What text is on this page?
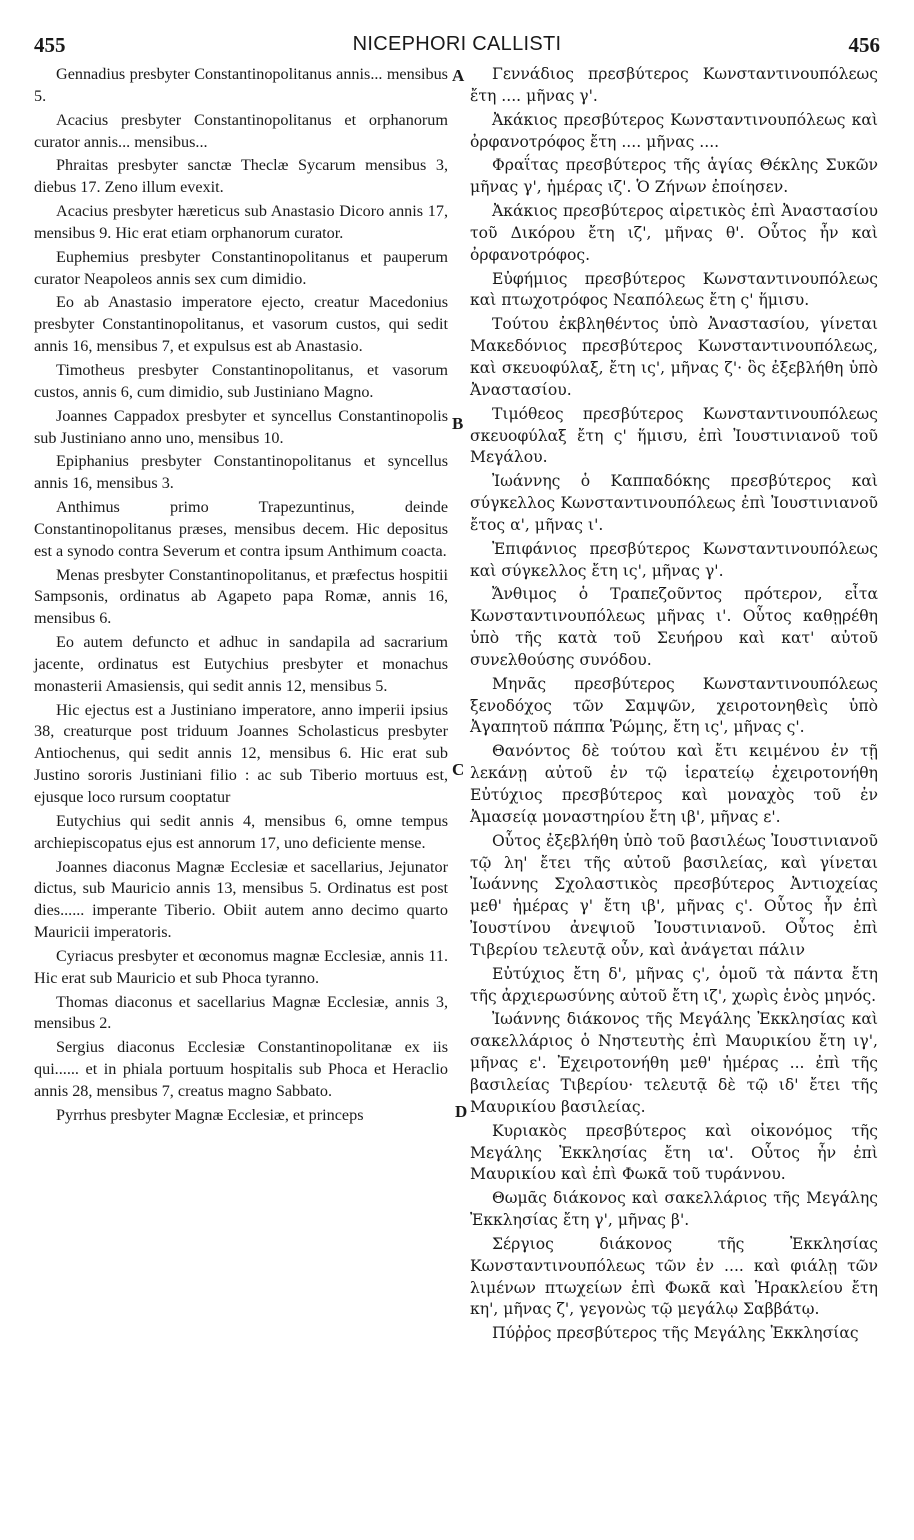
455	NICEPHORI CALLISTI	456

Gennadius presbyter Constantinopolitanus annis... mensibus 5.

Acacius presbyter Constantinopolitanus et orphanorum curator annis... mensibus...

Phraitas presbyter sanctæ Theclæ Sycarum mensibus 3, diebus 17. Zeno illum evexit.

Acacius presbyter hæreticus sub Anastasio Dicoro annis 17, mensibus 9. Hic erat etiam orphanorum curator.

Euphemius presbyter Constantinopolitanus et pauperum curator Neapoleos annis sex cum dimidio.

Eo ab Anastasio imperatore ejecto, creatur Macedonius presbyter Constantinopolitanus, et vasorum custos, qui sedit annis 16, mensibus 7, et expulsus est ab Anastasio.

Timotheus presbyter Constantinopolitanus, et vasorum custos, annis 6, cum dimidio, sub Justiniano Magno.

Joannes Cappadox presbyter et syncellus Constantinopolis sub Justiniano anno uno, mensibus 10.

Epiphanius presbyter Constantinopolitanus et syncellus annis 16, mensibus 3.

Anthimus primo Trapezuntinus, deinde Constantinopolitanus præses, mensibus decem. Hic depositus est a synodo contra Severum et contra ipsum Anthimum coacta.

Menas presbyter Constantinopolitanus, et præfectus hospitii Sampsonis, ordinatus ab Agapeto papa Romæ, annis 16, mensibus 6.

Eo autem defuncto et adhuc in sandapila ad sacrarium jacente, ordinatus est Eutychius presbyter et monachus monasterii Amasiensis, qui sedit annis 12, mensibus 5.

Hic ejectus est a Justiniano imperatore, anno imperii ipsius 38, creaturque post triduum Joannes Scholasticus presbyter Antiochenus, qui sedit annis 12, mensibus 6. Hic erat sub Justino sororis Justiniani filio : ac sub Tiberio mortuus est, ejusque loco rursum cooptatur

Eutychius qui sedit annis 4, mensibus 6, omne tempus archiepiscopatus ejus est annorum 17, uno deficiente mense.

Joannes diaconus Magnæ Ecclesiæ et sacellarius, Jejunator dictus, sub Mauricio annis 13, mensibus 5. Ordinatus est post dies...... imperante Tiberio. Obiit autem anno decimo quarto Mauricii imperatoris.

Cyriacus presbyter et œconomus magnæ Ecclesiæ, annis 11. Hic erat sub Mauricio et sub Phoca tyranno.

Thomas diaconus et sacellarius Magnæ Ecclesiæ, annis 3, mensibus 2.

Sergius diaconus Ecclesiæ Constantinopolitanæ ex iis qui...... et in phiala portuum hospitalis sub Phoca et Heraclio annis 28, mensibus 7, creatus magno Sabbato.

Pyrrhus presbyter Magnæ Ecclesiæ, et princeps

A
B
C
D

Γεννάδιος πρεσβύτερος Κωνσταντινουπόλεως ἔτη .... μῆνας γ'.

Ἀκάκιος πρεσβύτερος Κωνσταντινουπόλεως καὶ ὀρφανοτρόφος ἔτη .... μῆνας ....

Φραΐτας πρεσβύτερος τῆς ἁγίας Θέκλης Συκῶν μῆνας γ', ἡμέρας ιζ'. Ὁ Ζήνων ἐποίησεν.

Ἀκάκιος πρεσβύτερος αἱρετικὸς ἐπὶ Ἀναστασίου τοῦ Δικόρου ἔτη ιζ', μῆνας θ'. Οὗτος ἦν καὶ ὀρφανοτρόφος.

Εὐφήμιος πρεσβύτερος Κωνσταντινουπόλεως καὶ πτωχοτρόφος Νεαπόλεως ἔτη ς' ἥμισυ.

Τούτου ἐκβληθέντος ὑπὸ Ἀναστασίου, γίνεται Μακεδόνιος πρεσβύτερος Κωνσταντινουπόλεως, καὶ σκευοφύλαξ, ἔτη ις', μῆνας ζ'· ὃς ἐξεβλήθη ὑπὸ Ἀναστασίου.

Τιμόθεος πρεσβύτερος Κωνσταντινουπόλεως σκευοφύλαξ ἔτη ς' ἥμισυ, ἐπὶ Ἰουστινιανοῦ τοῦ Μεγάλου.

Ἰωάννης ὁ Καππαδόκης πρεσβύτερος καὶ σύγκελλος Κωνσταντινουπόλεως ἐπὶ Ἰουστινιανοῦ ἔτος α', μῆνας ι'.

Ἐπιφάνιος πρεσβύτερος Κωνσταντινουπόλεως καὶ σύγκελλος ἔτη ις', μῆνας γ'.

Ἄνθιμος ὁ Τραπεζοῦντος πρότερον, εἶτα Κωνσταντινουπόλεως μῆνας ι'. Οὗτος καθῃρέθη ὑπὸ τῆς κατὰ τοῦ Σευήρου καὶ κατ' αὐτοῦ συνελθούσης συνόδου.

Μηνᾶς πρεσβύτερος Κωνσταντινουπόλεως ξενοδόχος τῶν Σαμψῶν, χειροτονηθεὶς ὑπὸ Ἀγαπητοῦ πάππα Ῥώμης, ἔτη ις', μῆνας ς'.

Θανόντος δὲ τούτου καὶ ἔτι κειμένου ἐν τῇ λεκάνῃ αὐτοῦ ἐν τῷ ἱερατείῳ ἐχειροτονήθη Εὐτύχιος πρεσβύτερος καὶ μοναχὸς τοῦ ἐν Ἀμασείᾳ μοναστηρίου ἔτη ιβ', μῆνας ε'.

Οὗτος ἐξεβλήθη ὑπὸ τοῦ βασιλέως Ἰουστινιανοῦ τῷ λη' ἔτει τῆς αὐτοῦ βασιλείας, καὶ γίνεται Ἰωάννης Σχολαστικὸς πρεσβύτερος Ἀντιοχείας μεθ' ἡμέρας γ' ἔτη ιβ', μῆνας ς'. Οὗτος ἦν ἐπὶ Ἰουστίνου ἀνεψιοῦ Ἰουστινιανοῦ. Οὗτος ἐπὶ Τιβερίου τελευτᾷ οὖν, καὶ ἀνάγεται πάλιν

Εὐτύχιος ἔτη δ', μῆνας ς', ὁμοῦ τὰ πάντα ἔτη τῆς ἀρχιερωσύνης αὐτοῦ ἔτη ιζ', χωρὶς ἑνὸς μηνός.

Ἰωάννης διάκονος τῆς Μεγάλης Ἐκκλησίας καὶ σακελλάριος ὁ Νηστευτὴς ἐπὶ Μαυρικίου ἔτη ιγ', μῆνας ε'. Ἐχειροτονήθη μεθ' ἡμέρας ... ἐπὶ τῆς βασιλείας Τιβερίου· τελευτᾷ δὲ τῷ ιδ' ἔτει τῆς Μαυρικίου βασιλείας.

Κυριακὸς πρεσβύτερος καὶ οἰκονόμος τῆς Μεγάλης Ἐκκλησίας ἔτη ια'. Οὗτος ἦν ἐπὶ Μαυρικίου καὶ ἐπὶ Φωκᾶ τοῦ τυράννου.

Θωμᾶς διάκονος καὶ σακελλάριος τῆς Μεγάλης Ἐκκλησίας ἔτη γ', μῆνας β'.

Σέργιος διάκονος τῆς Ἐκκλησίας Κωνσταντινουπόλεως τῶν ἐν .... καὶ φιάλῃ τῶν λιμένων πτωχείων ἐπὶ Φωκᾶ καὶ Ἡρακλείου ἔτη κη', μῆνας ζ', γεγονὼς τῷ μεγάλῳ Σαββάτῳ.

Πύῤῥος πρεσβύτερος τῆς Μεγάλης Ἐκκλησίας
